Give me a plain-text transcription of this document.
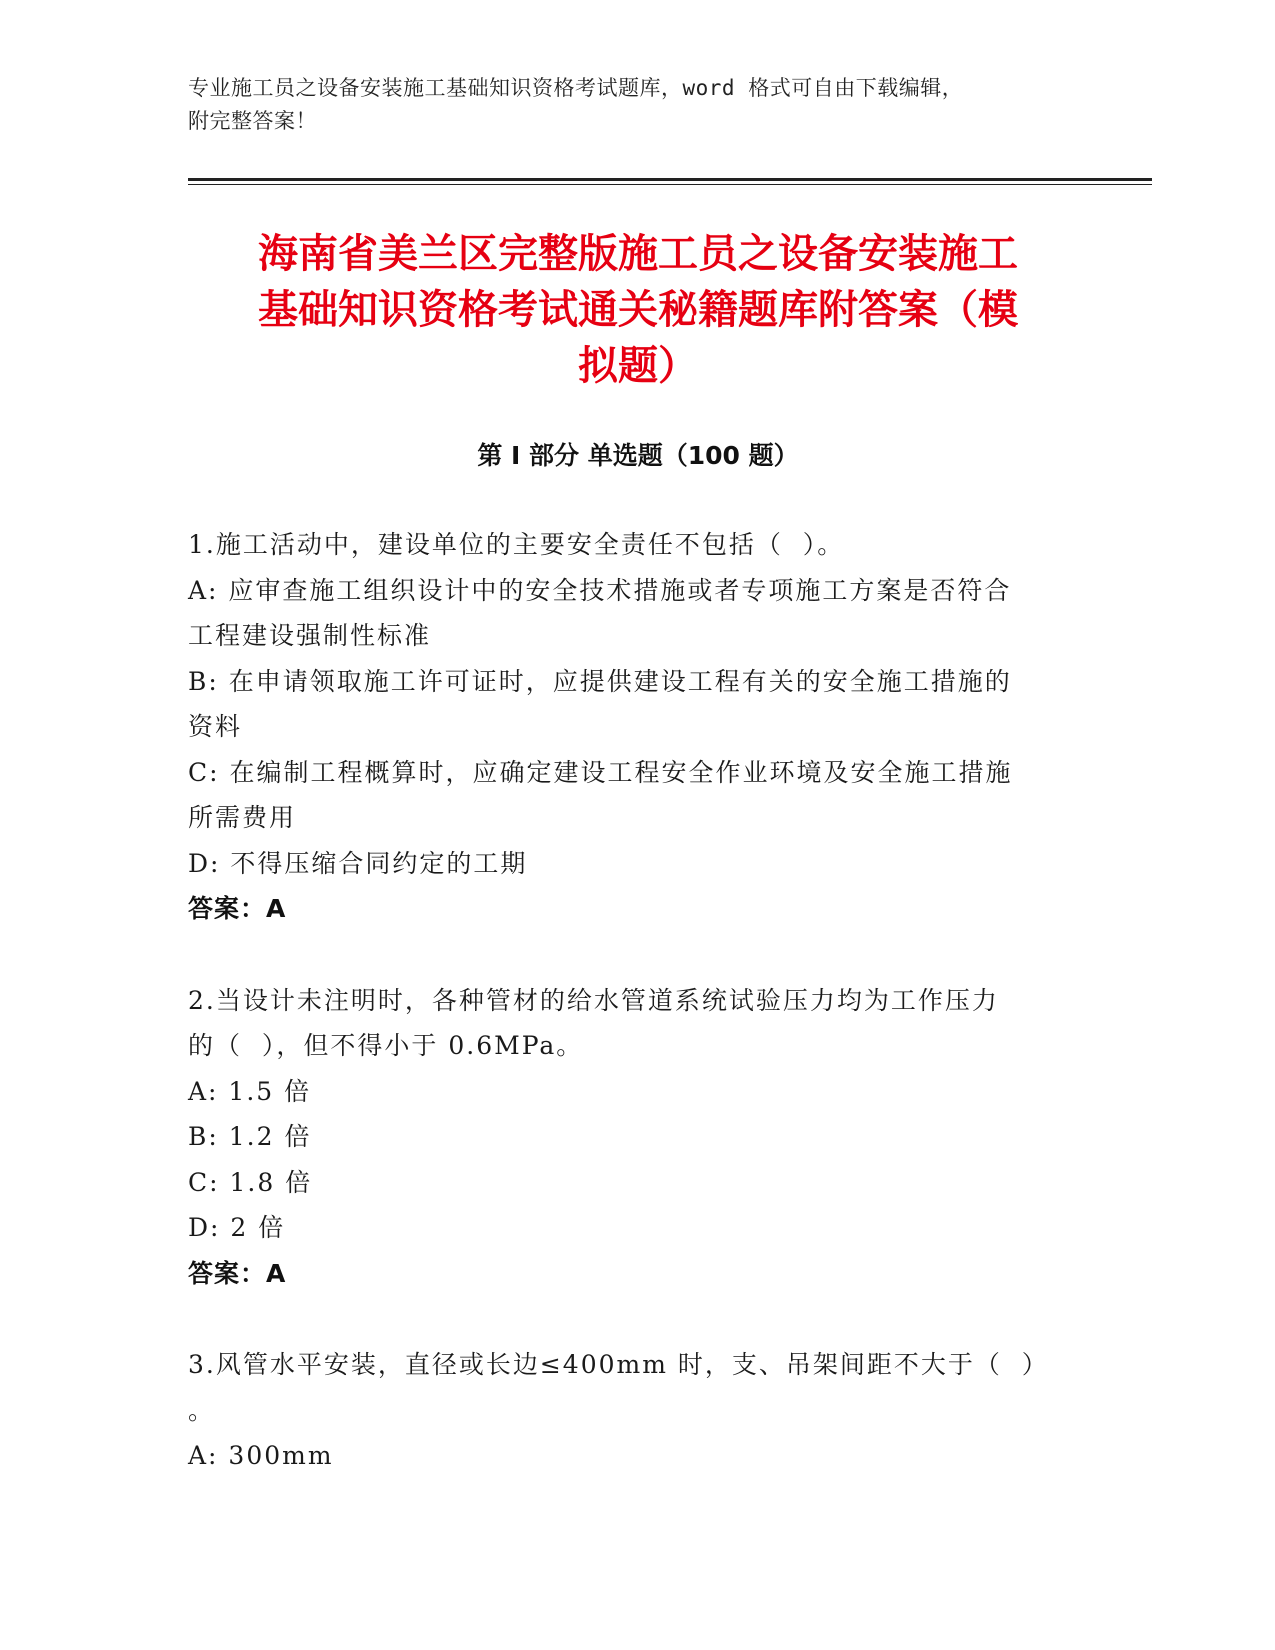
专业施工员之设备安装施工基础知识资格考试题库，word 格式可自由下载编辑，
附完整答案！
海南省美兰区完整版施工员之设备安装施工
基础知识资格考试通关秘籍题库附答案（模
拟题）
第 I 部分 单选题（100 题）
1.施工活动中，建设单位的主要安全责任不包括（  ）。
A: 应审查施工组织设计中的安全技术措施或者专项施工方案是否符合
工程建设强制性标准
B: 在申请领取施工许可证时，应提供建设工程有关的安全施工措施的
资料
C: 在编制工程概算时，应确定建设工程安全作业环境及安全施工措施
所需费用
D: 不得压缩合同约定的工期
答案：A
2.当设计未注明时，各种管材的给水管道系统试验压力均为工作压力
的（  ），但不得小于 0.6MPa。
A: 1.5 倍
B: 1.2 倍
C: 1.8 倍
D: 2 倍
答案：A
3.风管水平安装，直径或长边≤400mm 时，支、吊架间距不大于（  ）
。
A: 300mm
